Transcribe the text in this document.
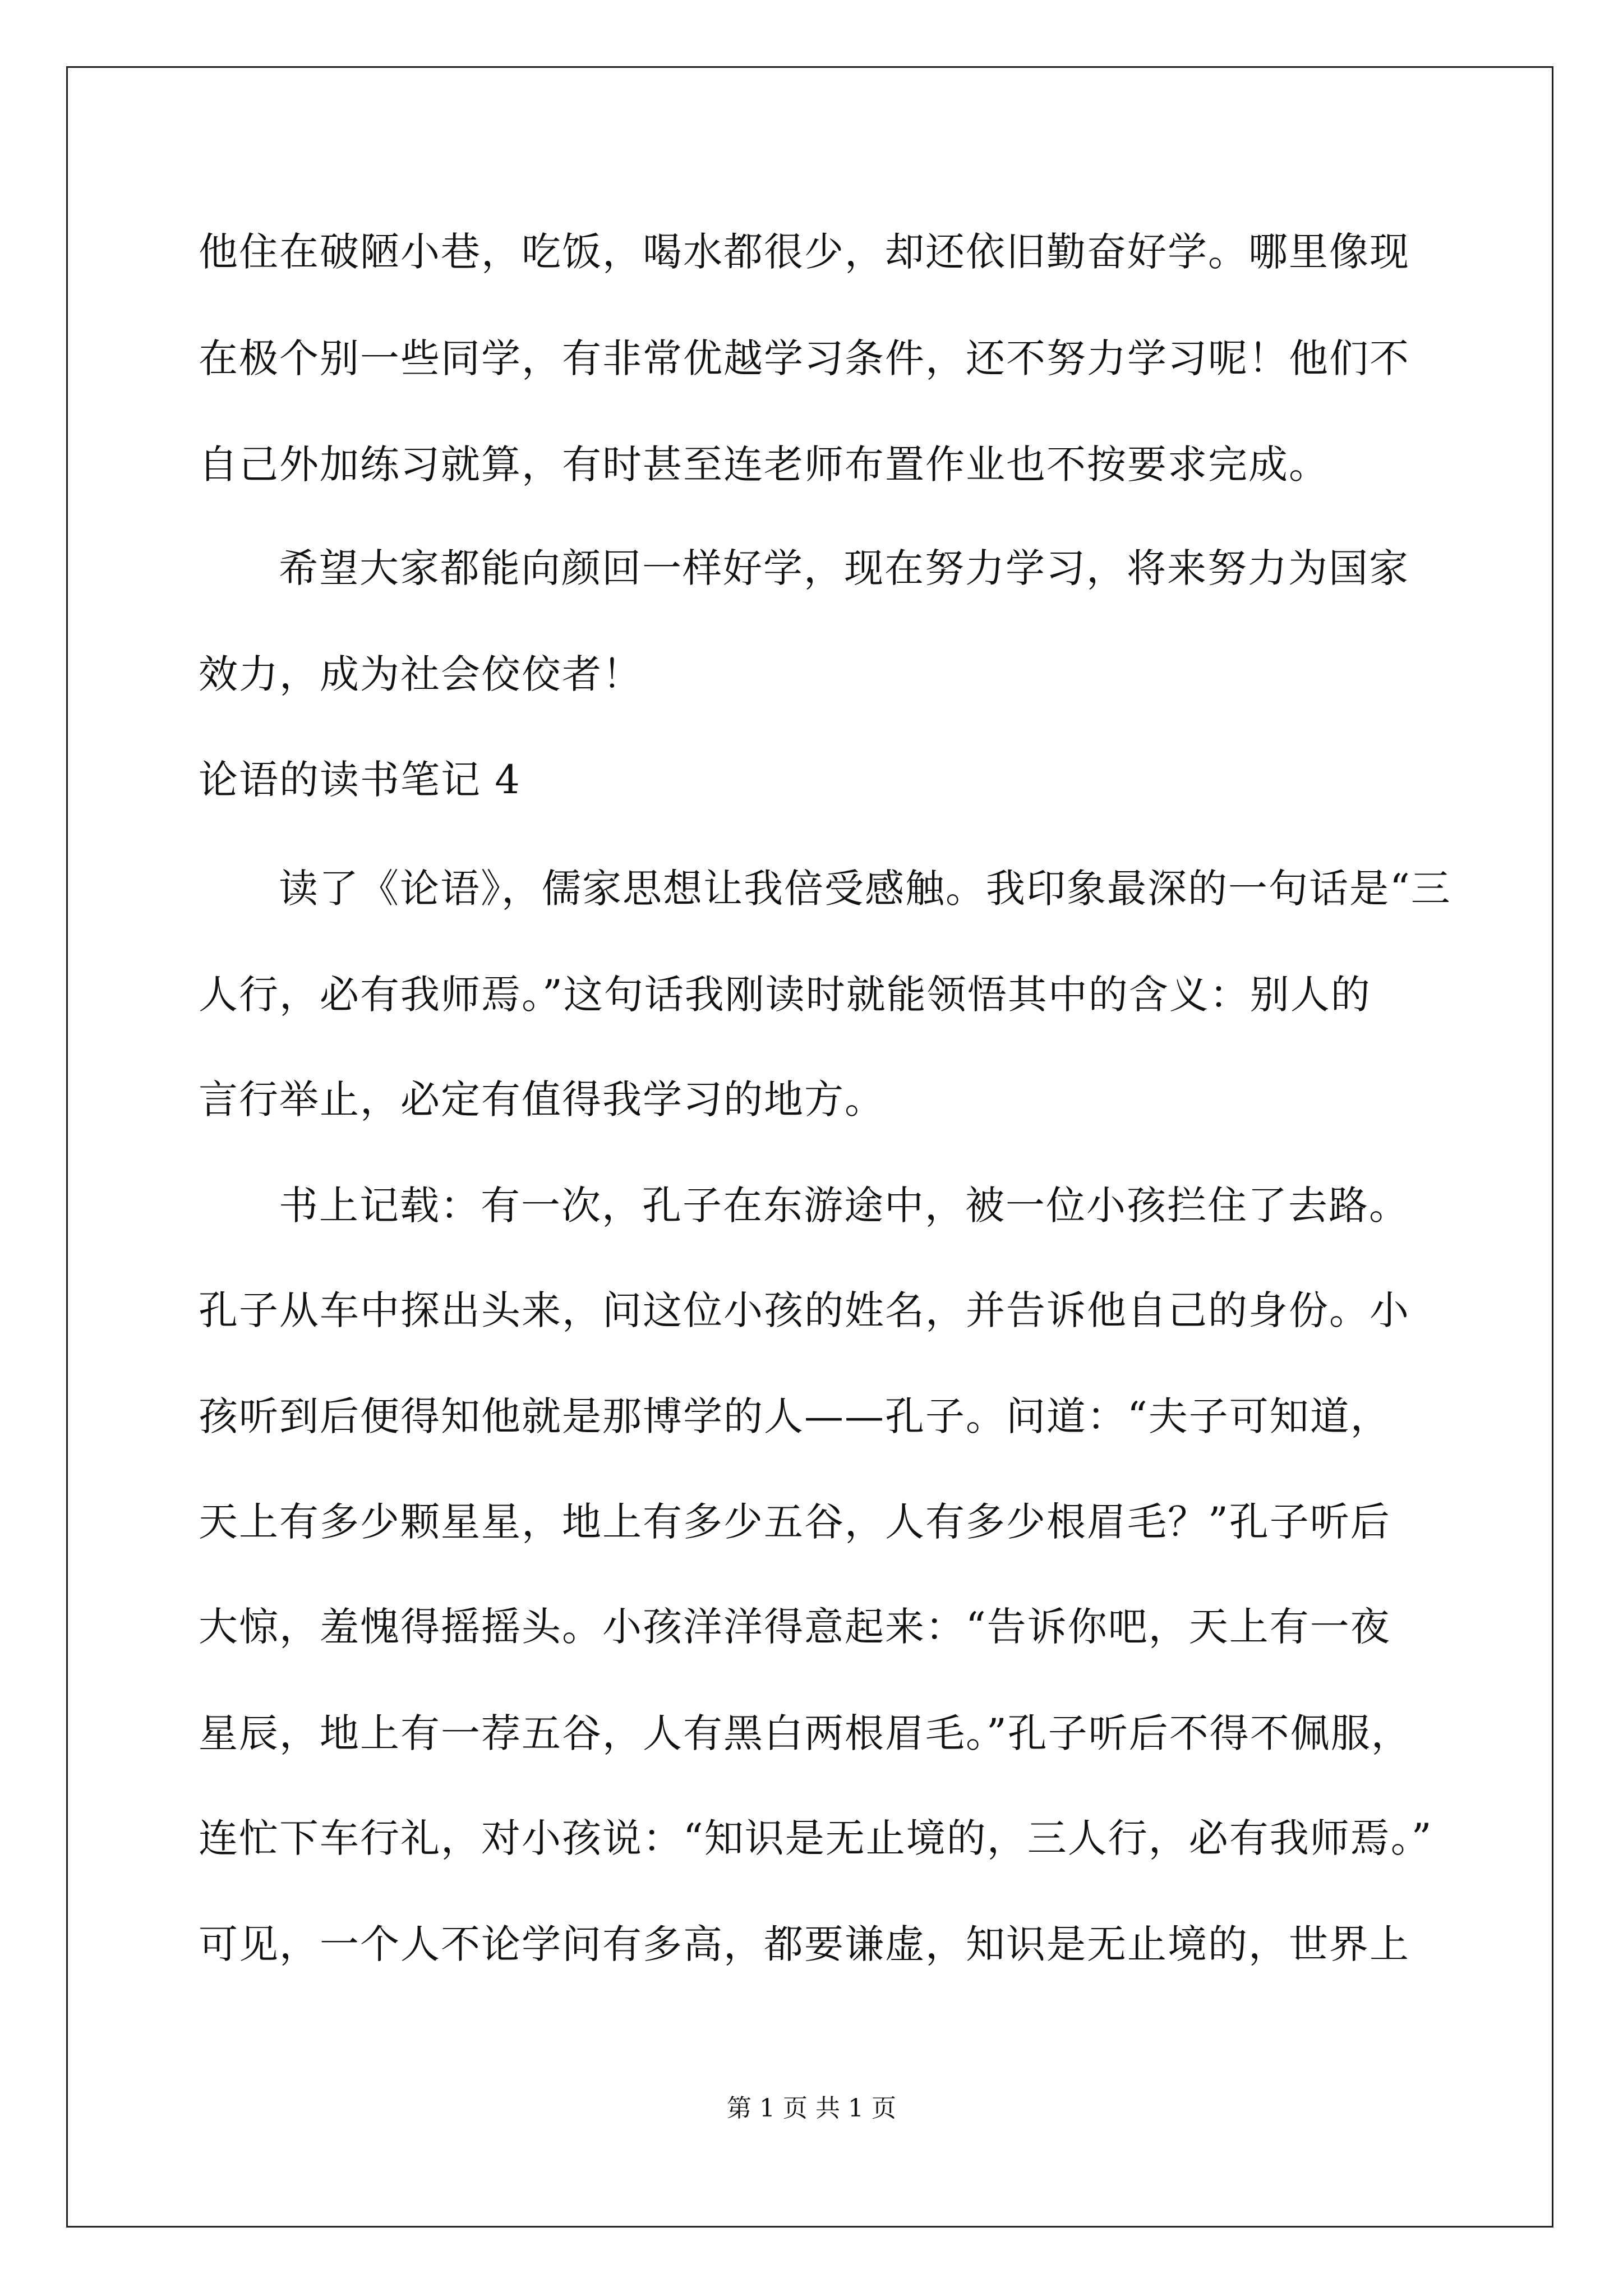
他住在破陋小巷，吃饭，喝水都很少，却还依旧勤奋好学。哪里像现

在极个别一些同学，有非常优越学习条件，还不努力学习呢！他们不

自己外加练习就算，有时甚至连老师布置作业也不按要求完成。

希望大家都能向颜回一样好学，现在努力学习，将来努力为国家

效力，成为社会佼佼者！

论语的读书笔记 4

读了《论语》，儒家思想让我倍受感触。我印象最深的一句话是“三

人行，必有我师焉。”这句话我刚读时就能领悟其中的含义：别人的

言行举止，必定有值得我学习的地方。

书上记载：有一次，孔子在东游途中，被一位小孩拦住了去路。

孔子从车中探出头来，问这位小孩的姓名，并告诉他自己的身份。小

孩听到后便得知他就是那博学的人——孔子。问道：“夫子可知道，

天上有多少颗星星，地上有多少五谷，人有多少根眉毛？”孔子听后

大惊，羞愧得摇摇头。小孩洋洋得意起来：“告诉你吧，天上有一夜

星辰，地上有一荐五谷，人有黑白两根眉毛。”孔子听后不得不佩服，

连忙下车行礼，对小孩说：“知识是无止境的，三人行，必有我师焉。”

可见，一个人不论学问有多高，都要谦虚，知识是无止境的，世界上

第 1 页 共 1 页
